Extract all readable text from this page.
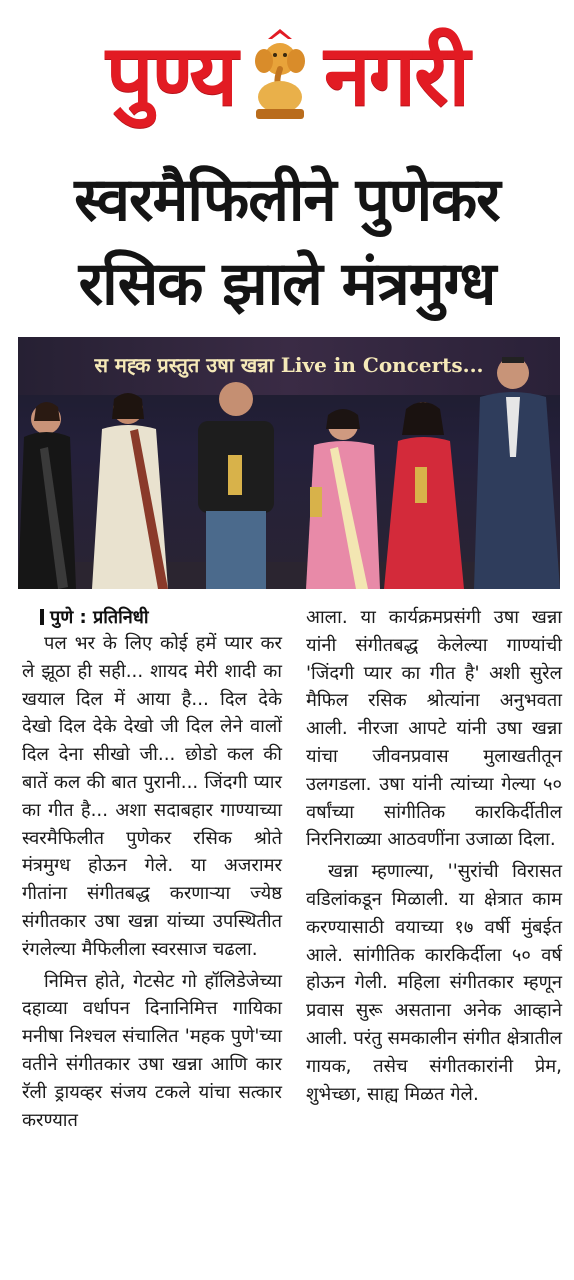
पुण्य नगरी
स्वरमैफिलीने पुणेकर
रसिक झाले मंत्रमुग्ध
स मह्क प्रस्तुत उषा खन्ना Live in Concerts...
पुणे : प्रतिनिधी

पल भर के लिए कोई हमें प्यार कर ले झूठा ही सही... शायद मेरी शादी का खयाल दिल में आया है... दिल देके देखो दिल देके देखो जी दिल लेने वालों दिल देना सीखो जी... छोडो कल की बातें कल की बात पुरानी... जिंदगी प्यार का गीत है... अशा सदाबहार गाण्याच्या स्वरमैफिलीत पुणेकर रसिक श्रोते मंत्रमुग्ध होऊन गेले. या अजरामर गीतांना संगीतबद्ध करणाऱ्या ज्येष्ठ संगीतकार उषा खन्ना यांच्या उपस्थितीत रंगलेल्या मैफिलीला स्वरसाज चढला.

निमित्त होते, गेटसेट गो हॉलिडेजेच्या दहाव्या वर्धापन दिनानिमित्त गायिका मनीषा निश्चल संचालित 'महक पुणे'च्या वतीने संगीतकार उषा खन्ना आणि कार रॅली ड्रायव्हर संजय टकले यांचा सत्कार करण्यात

आला. या कार्यक्रमप्रसंगी उषा खन्ना यांनी संगीतबद्ध केलेल्या गाण्यांची 'जिंदगी प्यार का गीत है' अशी सुरेल मैफिल रसिक श्रोत्यांना अनुभवता आली. नीरजा आपटे यांनी उषा खन्ना यांचा जीवनप्रवास मुलाखतीतून उलगडला. उषा यांनी त्यांच्या गेल्या ५० वर्षांच्या सांगीतिक कारकिर्दीतील निरनिराळ्या आठवणींना उजाळा दिला.

खन्ना म्हणाल्या, ''सुरांची विरासत वडिलांकडून मिळाली. या क्षेत्रात काम करण्यासाठी वयाच्या १७ वर्षी मुंबईत आले. सांगीतिक कारकिर्दीला ५० वर्ष होऊन गेली. महिला संगीतकार म्हणून प्रवास सुरू असताना अनेक आव्हाने आली. परंतु समकालीन संगीत क्षेत्रातील गायक, तसेच संगीतकारांनी प्रेम, शुभेच्छा, साह्य मिळत गेले.
